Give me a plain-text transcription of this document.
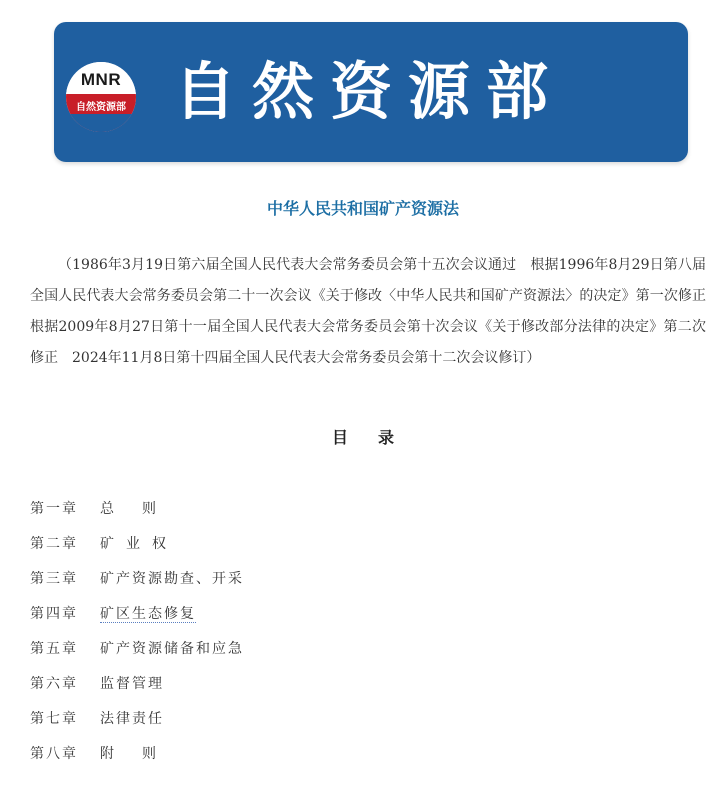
MNR
自然资源部 自然资源部
中华人民共和国矿产资源法

（1986年3月19日第六届全国人民代表大会常务委员会第十五次会议通过　根据1996年8月29日第八届全国人民代表大会常务委员会第二十一次会议《关于修改〈中华人民共和国矿产资源法〉的决定》第一次修正　根据2009年8月27日第十一届全国人民代表大会常务委员会第十次会议《关于修改部分法律的决定》第二次修正　2024年11月8日第十四届全国人民代表大会常务委员会第十二次会议修订）

目录
第一章 总则
第二章 矿业权
第三章 矿产资源勘查、开采
第四章 矿区生态修复
第五章 矿产资源储备和应急
第六章 监督管理
第七章 法律责任
第八章 附则
